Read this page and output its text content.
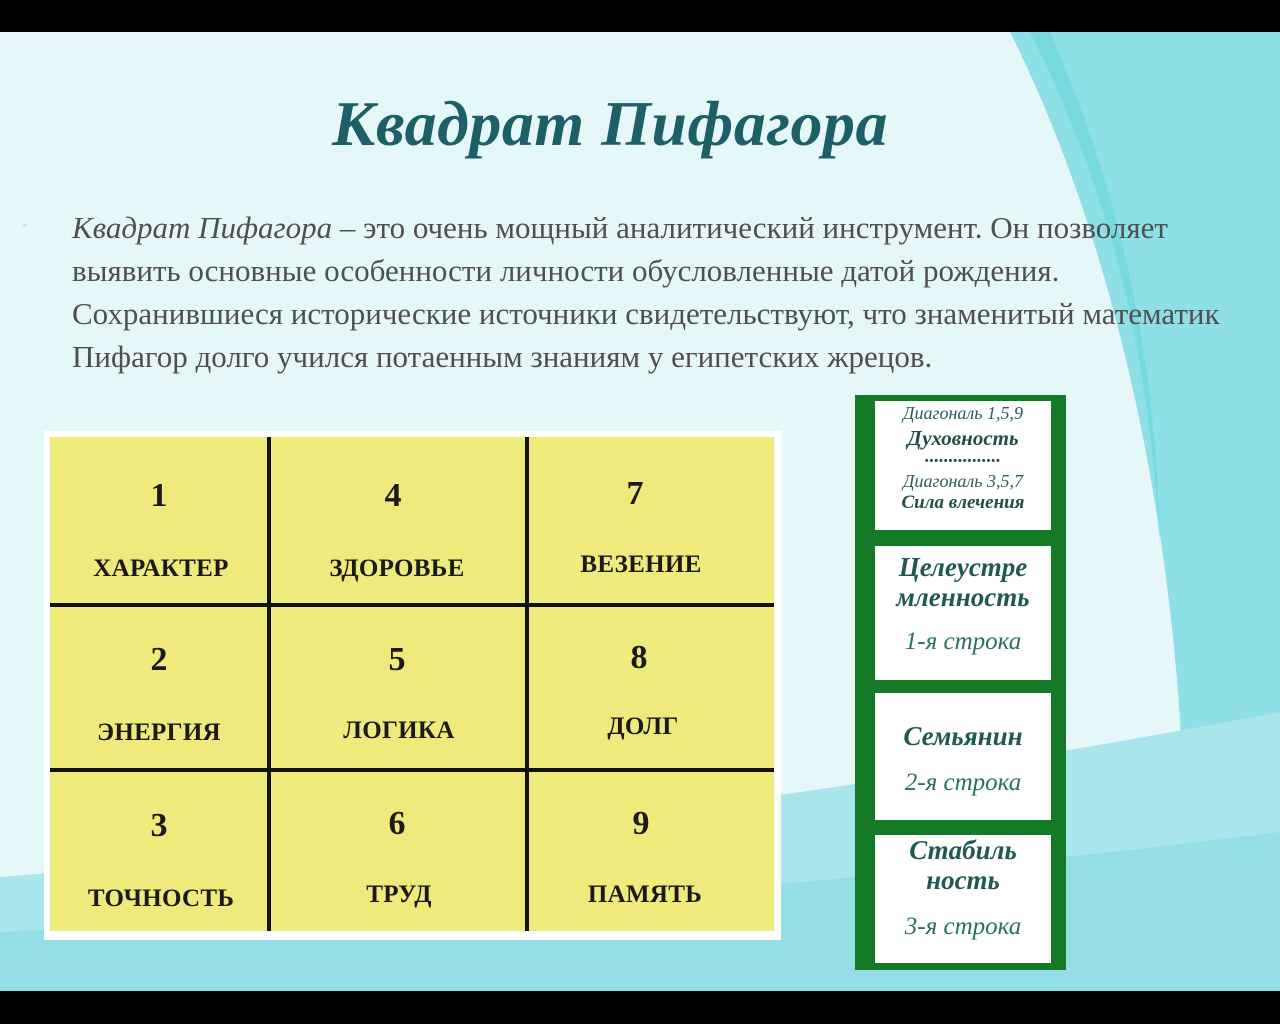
Квадрат Пифагора
• Квадрат Пифагора – это очень мощный аналитический инструмент. Он позволяет выявить основные особенности личности обусловленные датой рождения. Сохранившиеся исторические источники свидетельствуют, что знаменитый математик Пифагор долго учился потаенным знаниям у египетских жрецов.
1
ХАРАКТЕР
4
ЗДОРОВЬЕ
7
ВЕЗЕНИЕ
2
ЭНЕРГИЯ
5
ЛОГИКА
8
ДОЛГ
3
ТОЧНОСТЬ
6
ТРУД
9
ПАМЯТЬ
Диагональ 1,5,9
Духовность
................
Диагональ 3,5,7
Сила влечения
Целеустре мленность
1-я строка
Семьянин
2-я строка
Стабиль ность
3-я строка
